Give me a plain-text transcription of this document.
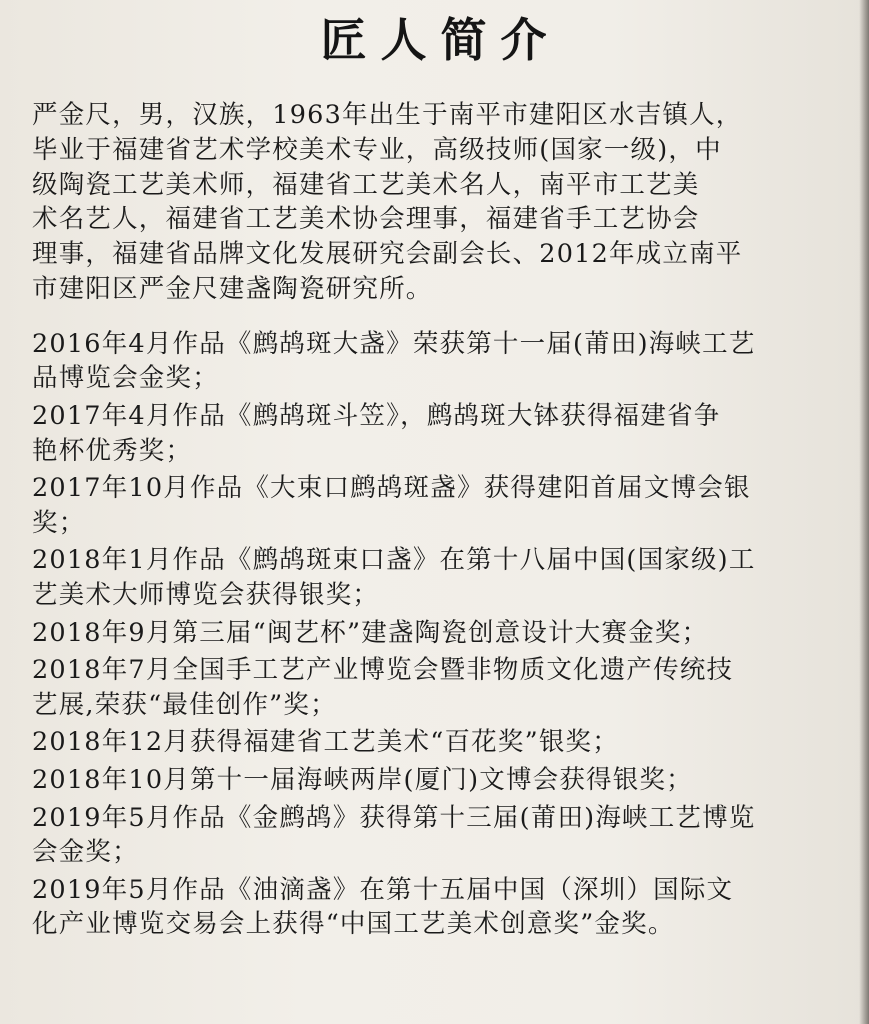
匠人简介

严金尺，男，汉族，1963年出生于南平市建阳区水吉镇人，
毕业于福建省艺术学校美术专业，高级技师(国家一级)，中
级陶瓷工艺美术师，福建省工艺美术名人，南平市工艺美
术名艺人，福建省工艺美术协会理事，福建省手工艺协会
理事，福建省品牌文化发展研究会副会长、2012年成立南平
市建阳区严金尺建盏陶瓷研究所。

2016年4月作品《鹧鸪斑大盏》荣获第十一届(莆田)海峡工艺
品博览会金奖；
2017年4月作品《鹧鸪斑斗笠》，鹧鸪斑大钵获得福建省争
艳杯优秀奖；
2017年10月作品《大束口鹧鸪斑盏》获得建阳首届文博会银
奖；
2018年1月作品《鹧鸪斑束口盏》在第十八届中国(国家级)工
艺美术大师博览会获得银奖；
2018年9月第三届“闽艺杯”建盏陶瓷创意设计大赛金奖；
2018年7月全国手工艺产业博览会暨非物质文化遗产传统技
艺展,荣获“最佳创作”奖；
2018年12月获得福建省工艺美术“百花奖”银奖；
2018年10月第十一届海峡两岸(厦门)文博会获得银奖；
2019年5月作品《金鹧鸪》获得第十三届(莆田)海峡工艺博览
会金奖；
2019年5月作品《油滴盏》在第十五届中国（深圳）国际文
化产业博览交易会上获得“中国工艺美术创意奖”金奖。
